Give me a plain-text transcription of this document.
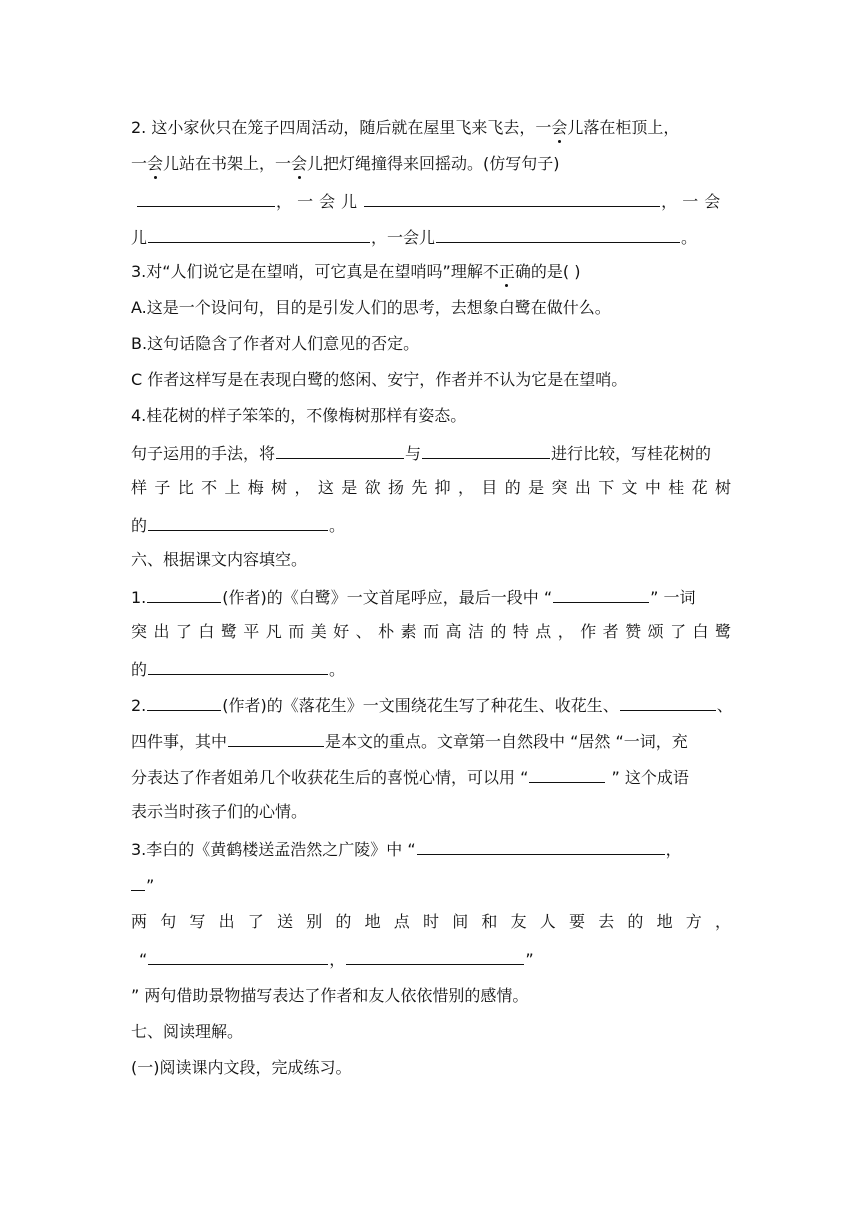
2. 这小家伙只在笼子四周活动，随后就在屋里飞来飞去，一会儿落在柜顶上，
一会儿站在书架上，一会儿把灯绳撞得来回摇动。(仿写句子)
， 一会儿	， 一会
儿	，一会儿	。
3.对“人们说它是在望哨，可它真是在望哨吗”理解不正确的是( )
A.这是一个设问句，目的是引发人们的思考，去想象白鹭在做什么。
B.这句话隐含了作者对人们意见的否定。
C 作者这样写是在表现白鹭的悠闲、安宁，作者并不认为它是在望哨。
4.桂花树的样子笨笨的，不像梅树那样有姿态。
句子运用的手法，将	与	进行比较，写桂花树的
样 子 比 不 上 梅 树 ， 这 是 欲 扬 先 抑 ， 目 的 是 突 出 下 文 中 桂 花 树
的	。
六、根据课文内容填空。
1.	(作者)的《白鹭》一文首尾呼应，最后一段中 “	” 一词
突 出 了 白 鹭 平 凡 而 美 好 、 朴 素 而 高 洁 的 特 点 ， 作 者 赞 颂 了 白 鹭
的	。
2.	(作者)的《落花生》一文围绕花生写了种花生、收花生、	、
四件事，其中	是本文的重点。文章第一自然段中 “居然 “一词，充
分表达了作者姐弟几个收获花生后的喜悦心情，可以用 “	” 这个成语
表示当时孩子们的心情。
3.李白的《黄鹤楼送孟浩然之广陵》中 “	，
”
两 句 写 出 了 送 别 的 地 点 时 间 和 友 人 要 去 的 地 方 ，
“	，	”
” 两句借助景物描写表达了作者和友人依依惜别的感情。
七、阅读理解。
(一)阅读课内文段，完成练习。
